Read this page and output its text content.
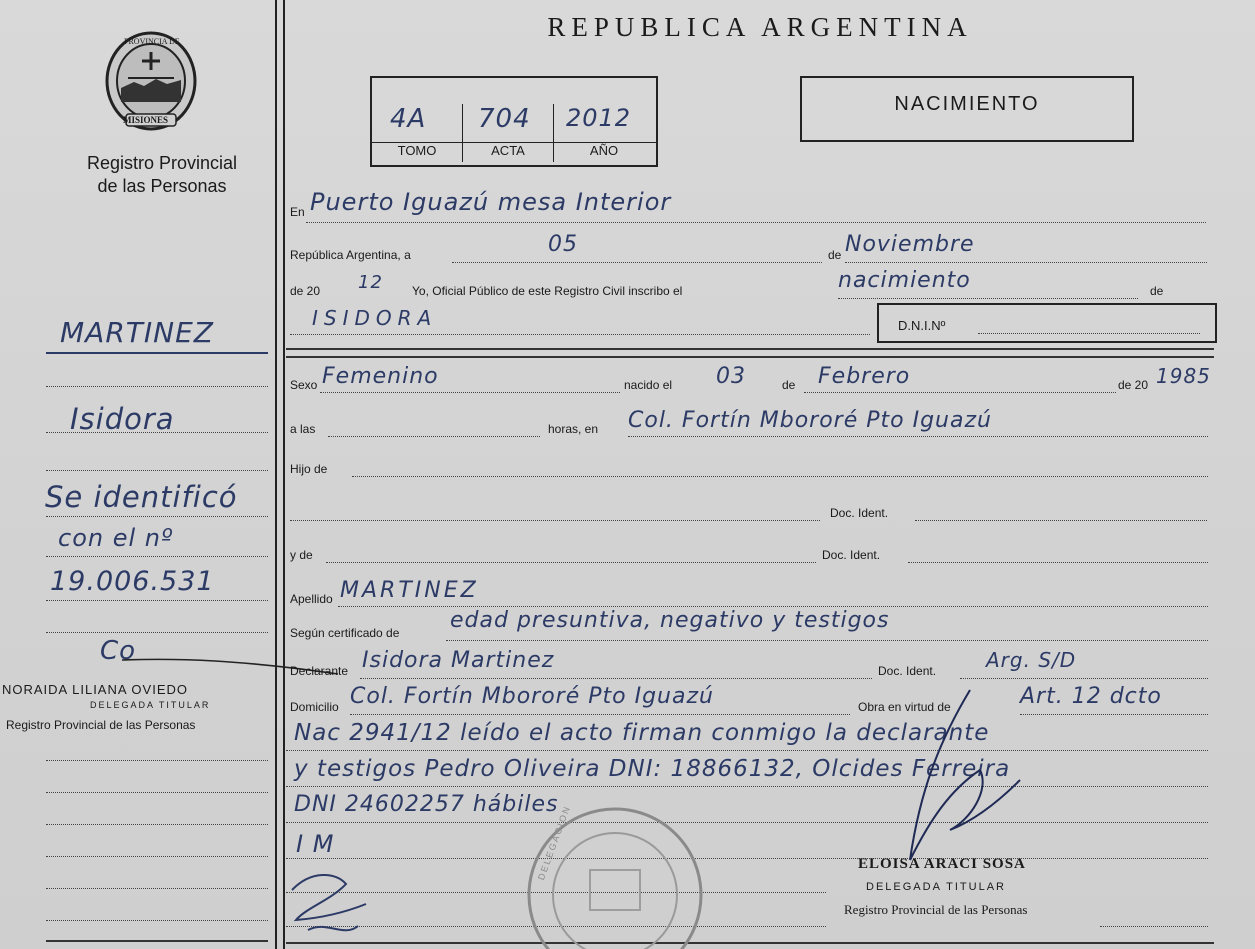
PROVINCIA DE
MISIONES
Registro Provincial
de las Personas
MARTINEZ
Isidora
Se identificó
con el nº
19.006.531
Co
NORAIDA LILIANA OVIEDO
DELEGADA TITULAR
Registro Provincial de las Personas
REPUBLICA ARGENTINA
4A 704 2012
TOMO	ACTA	AÑO
NACIMIENTO
En Puerto Iguazú mesa Interior
República Argentina, a	05	de Noviembre
de 20 12 Yo, Oficial Público de este Registro Civil inscribo el	nacimiento	de
ISIDORA	D.N.I.Nº
Sexo Femenino	nacido el 03	de Febrero	de 20 1985
a las	horas, en Col. Fortín Mbororé Pto Iguazú
Hijo de
Doc. Ident.
y de	Doc. Ident.
Apellido MARTINEZ
Según certificado de edad presuntiva, negativo y testigos
Declarante Isidora Martinez	Doc. Ident. Arg. S/D
Domicilio Col. Fortín Mbororé Pto Iguazú	Obra en virtud de	Art. 12 dcto
Nac 2941/12 leído el acto firman conmigo la declarante
y testigos Pedro Oliveira DNI: 18866132, Olcides Ferreira
DNI 24602257 hábiles
I M	DELEGACION	ELOISA ARACI SOSA
DELEGADA TITULAR
Registro Provincial de las Personas
